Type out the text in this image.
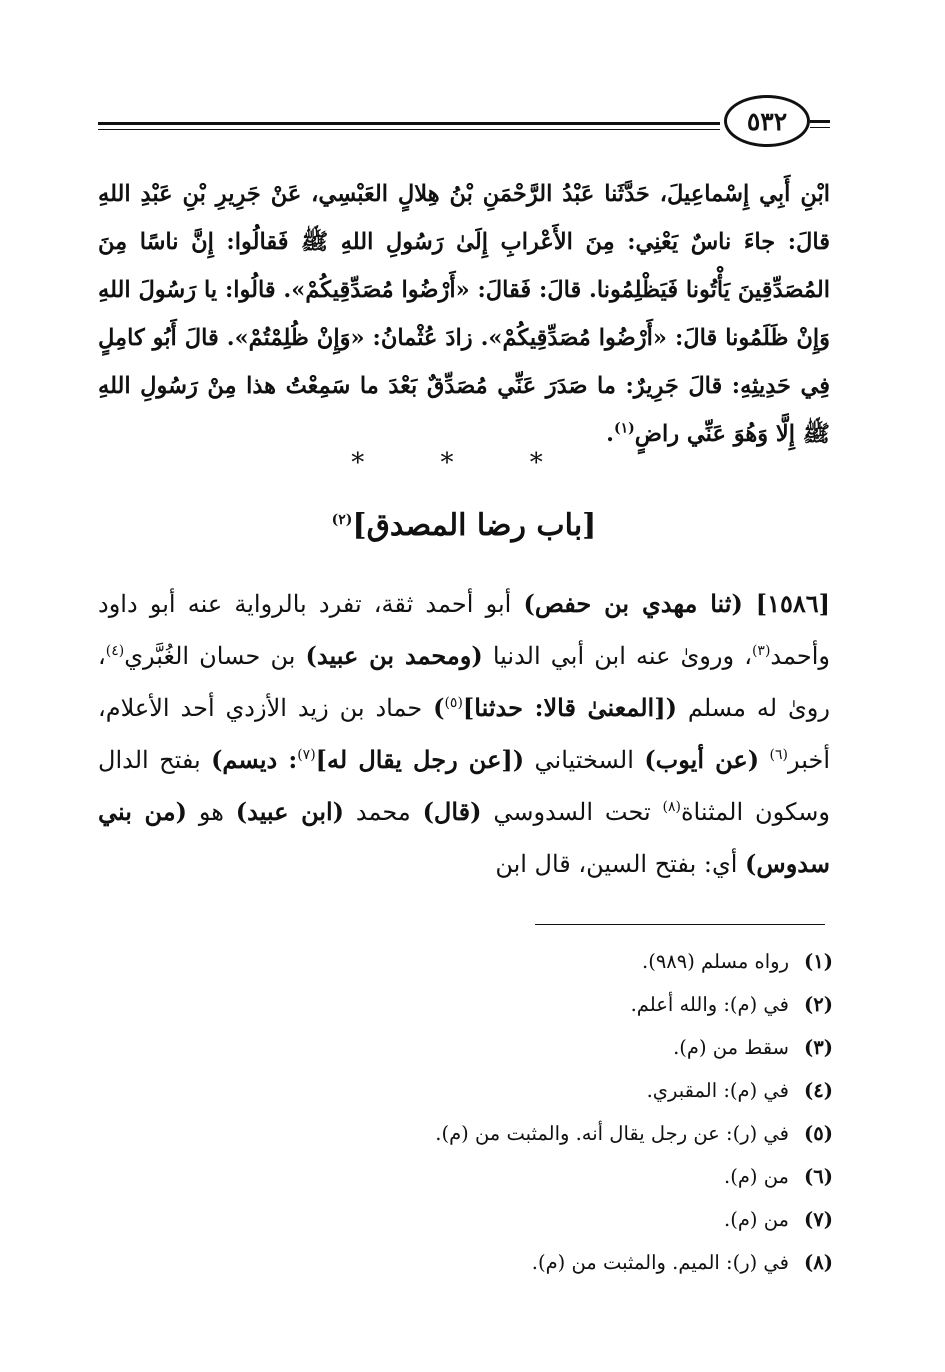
٥٣٢
ابْنِ أَبِي إِسْماعِيلَ، حَدَّثَنا عَبْدُ الرَّحْمَنِ بْنُ هِلالٍ العَبْسِي، عَنْ جَرِيرِ بْنِ عَبْدِ اللهِ قالَ: جاءَ ناسٌ يَعْنِي: مِنَ الأَعْرابِ إِلَىٰ رَسُولِ اللهِ ﷺ فَقالُوا: إِنَّ ناسًا مِنَ المُصَدِّقِينَ يَأْتُونا فَيَظْلِمُونا. قالَ: فَقالَ: «أَرْضُوا مُصَدِّقِيكُمْ». قالُوا: يا رَسُولَ اللهِ وَإِنْ ظَلَمُونا قالَ: «أَرْضُوا مُصَدِّقِيكُمْ». زادَ عُثْمانُ: «وَإِنْ ظُلِمْتُمْ». قالَ أَبُو كامِلٍ فِي حَدِيثِهِ: قالَ جَرِيرٌ: ما صَدَرَ عَنِّي مُصَدِّقٌ بَعْدَ ما سَمِعْتُ هذا مِنْ رَسُولِ اللهِ ﷺ إِلَّا وَهُوَ عَنِّي راضٍ$^{(١)}$.
* * *
[باب رضا المصدق]$^{(٢)}$
[١٥٨٦] (ثنا مهدي بن حفص) أبو أحمد ثقة، تفرد بالرواية عنه أبو داود وأحمد$^{(٣)}$، وروىٰ عنه ابن أبي الدنيا (ومحمد بن عبيد) بن حسان الغُبَّري$^{(٤)}$، روىٰ له مسلم ([المعنىٰ قالا: حدثنا]$^{(٥)}$) حماد بن زيد الأزدي أحد الأعلام، أخبر$^{(٦)}$ (عن أيوب) السختياني ([عن رجل يقال له]$^{(٧)}$: ديسم) بفتح الدال وسكون المثناة$^{(٨)}$ تحت السدوسي (قال) محمد (ابن عبيد) هو (من بني سدوس) أي: بفتح السين، قال ابن
(١)رواه مسلم (٩٨٩).
(٢)في (م): والله أعلم.
(٣)سقط من (م).
(٤)في (م): المقبري.
(٥)في (ر): عن رجل يقال أنه. والمثبت من (م).
(٦)من (م).
(٧)من (م).
(٨)في (ر): الميم. والمثبت من (م).
